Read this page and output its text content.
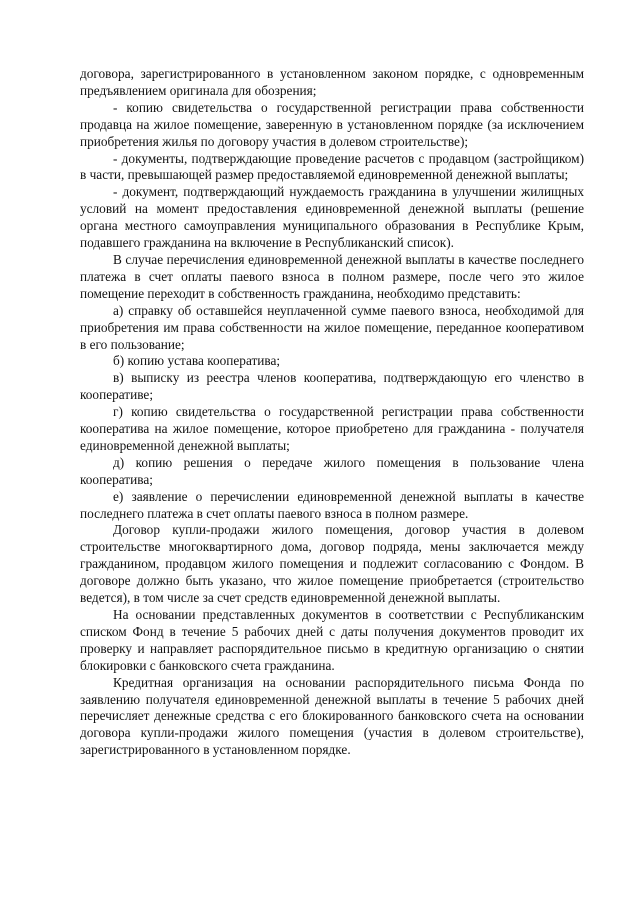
договора, зарегистрированного в установленном законом порядке, с одновременным предъявлением оригинала для обозрения;

- копию свидетельства о государственной регистрации права собственности продавца на жилое помещение, заверенную в установленном порядке (за исключением приобретения жилья по договору участия в долевом строительстве);

- документы, подтверждающие проведение расчетов с продавцом (застройщиком) в части, превышающей размер предоставляемой единовременной денежной выплаты;

- документ, подтверждающий нуждаемость гражданина в улучшении жилищных условий на момент предоставления единовременной денежной выплаты (решение органа местного самоуправления муниципального образования в Республике Крым, подавшего гражданина на включение в Республиканский список).

В случае перечисления единовременной денежной выплаты в качестве последнего платежа в счет оплаты паевого взноса в полном размере, после чего это жилое помещение переходит в собственность гражданина, необходимо представить:

а) справку об оставшейся неуплаченной сумме паевого взноса, необходимой для приобретения им права собственности на жилое помещение, переданное кооперативом в его пользование;

б) копию устава кооператива;

в) выписку из реестра членов кооператива, подтверждающую его членство в кооперативе;

г) копию свидетельства о государственной регистрации права собственности кооператива на жилое помещение, которое приобретено для гражданина - получателя единовременной денежной выплаты;

д) копию решения о передаче жилого помещения в пользование члена кооператива;

е) заявление о перечислении единовременной денежной выплаты в качестве последнего платежа в счет оплаты паевого взноса в полном размере.

Договор купли-продажи жилого помещения, договор участия в долевом строительстве многоквартирного дома, договор подряда, мены заключается между гражданином, продавцом жилого помещения и подлежит согласованию с Фондом. В договоре должно быть указано, что жилое помещение приобретается (строительство ведется), в том числе за счет средств единовременной денежной выплаты.

На основании представленных документов в соответствии с Республиканским списком Фонд в течение 5 рабочих дней с даты получения документов проводит их проверку и направляет распорядительное письмо в кредитную организацию о снятии блокировки с банковского счета гражданина.

Кредитная организация на основании распорядительного письма Фонда по заявлению получателя единовременной денежной выплаты в течение 5 рабочих дней перечисляет денежные средства с его блокированного банковского счета на основании договора купли-продажи жилого помещения (участия в долевом строительстве), зарегистрированного в установленном порядке.
